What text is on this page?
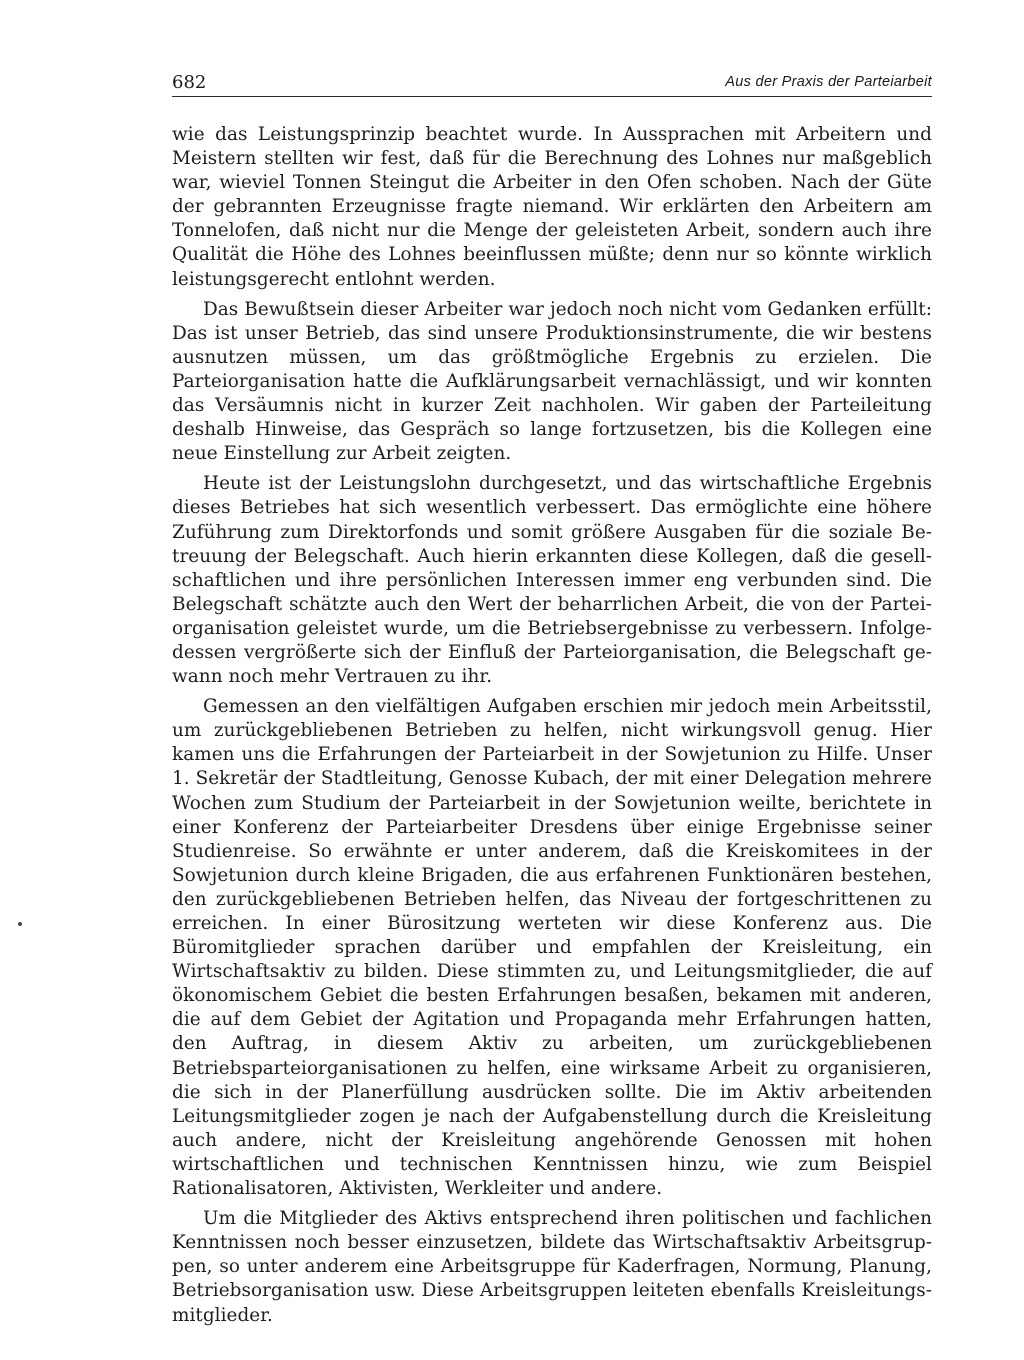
682	Aus der Praxis der Parteiarbeit

wie das Leistungsprinzip beachtet wurde. In Aussprachen mit Arbeitern und Meistern stellten wir fest, daß für die Berechnung des Lohnes nur maßgeblich war, wieviel Tonnen Steingut die Arbeiter in den Ofen schoben. Nach der Güte der gebrannten Erzeugnisse fragte niemand. Wir erklärten den Arbeitern am Tonnelofen, daß nicht nur die Menge der geleisteten Arbeit, sondern auch ihre Qualität die Höhe des Lohnes beeinflussen müßte; denn nur so könnte wirklich leistungsgerecht entlohnt werden.

Das Bewußtsein dieser Arbeiter war jedoch noch nicht vom Gedanken erfüllt: Das ist unser Betrieb, das sind unsere Produktionsinstrumente, die wir bestens ausnutzen müssen, um das größtmögliche Ergebnis zu erzielen. Die Parteiorganisation hatte die Aufklärungsarbeit vernachlässigt, und wir konnten das Versäumnis nicht in kurzer Zeit nachholen. Wir gaben der Parteileitung deshalb Hinweise, das Gespräch so lange fortzusetzen, bis die Kollegen eine neue Einstellung zur Arbeit zeigten.

Heute ist der Leistungslohn durchgesetzt, und das wirtschaftliche Ergebnis dieses Betriebes hat sich wesentlich verbessert. Das ermöglichte eine höhere Zuführung zum Direktorfonds und somit größere Ausgaben für die soziale Betreuung der Belegschaft. Auch hierin erkannten diese Kollegen, daß die gesellschaftlichen und ihre persönlichen Interessen immer eng verbunden sind. Die Belegschaft schätzte auch den Wert der beharrlichen Arbeit, die von der Parteiorganisation geleistet wurde, um die Betriebsergebnisse zu verbessern. Infolgedessen vergrößerte sich der Einfluß der Parteiorganisation, die Belegschaft gewann noch mehr Vertrauen zu ihr.

Gemessen an den vielfältigen Aufgaben erschien mir jedoch mein Arbeitsstil, um zurückgebliebenen Betrieben zu helfen, nicht wirkungsvoll genug. Hier kamen uns die Erfahrungen der Parteiarbeit in der Sowjetunion zu Hilfe. Unser 1. Sekretär der Stadtleitung, Genosse Kubach, der mit einer Delegation mehrere Wochen zum Studium der Parteiarbeit in der Sowjetunion weilte, berichtete in einer Konferenz der Parteiarbeiter Dresdens über einige Ergebnisse seiner Studienreise. So erwähnte er unter anderem, daß die Kreiskomitees in der Sowjetunion durch kleine Brigaden, die aus erfahrenen Funktionären bestehen, den zurückgebliebenen Betrieben helfen, das Niveau der fortgeschrittenen zu erreichen. In einer Bürositzung werteten wir diese Konferenz aus. Die Büromitglieder sprachen darüber und empfahlen der Kreisleitung, ein Wirtschaftsaktiv zu bilden. Diese stimmten zu, und Leitungsmitglieder, die auf ökonomischem Gebiet die besten Erfahrungen besaßen, bekamen mit anderen, die auf dem Gebiet der Agitation und Propaganda mehr Erfahrungen hatten, den Auftrag, in diesem Aktiv zu arbeiten, um zurückgebliebenen Betriebsparteiorganisationen zu helfen, eine wirksame Arbeit zu organisieren, die sich in der Planerfüllung ausdrücken sollte. Die im Aktiv arbeitenden Leitungsmitglieder zogen je nach der Aufgabenstellung durch die Kreisleitung auch andere, nicht der Kreisleitung angehörende Genossen mit hohen wirtschaftlichen und technischen Kenntnissen hinzu, wie zum Beispiel Rationalisatoren, Aktivisten, Werkleiter und andere.

Um die Mitglieder des Aktivs entsprechend ihren politischen und fachlichen Kenntnissen noch besser einzusetzen, bildete das Wirtschaftsaktiv Arbeitsgruppen, so unter anderem eine Arbeitsgruppe für Kaderfragen, Normung, Planung, Betriebsorganisation usw. Diese Arbeitsgruppen leiteten ebenfalls Kreisleitungsmitglieder.
